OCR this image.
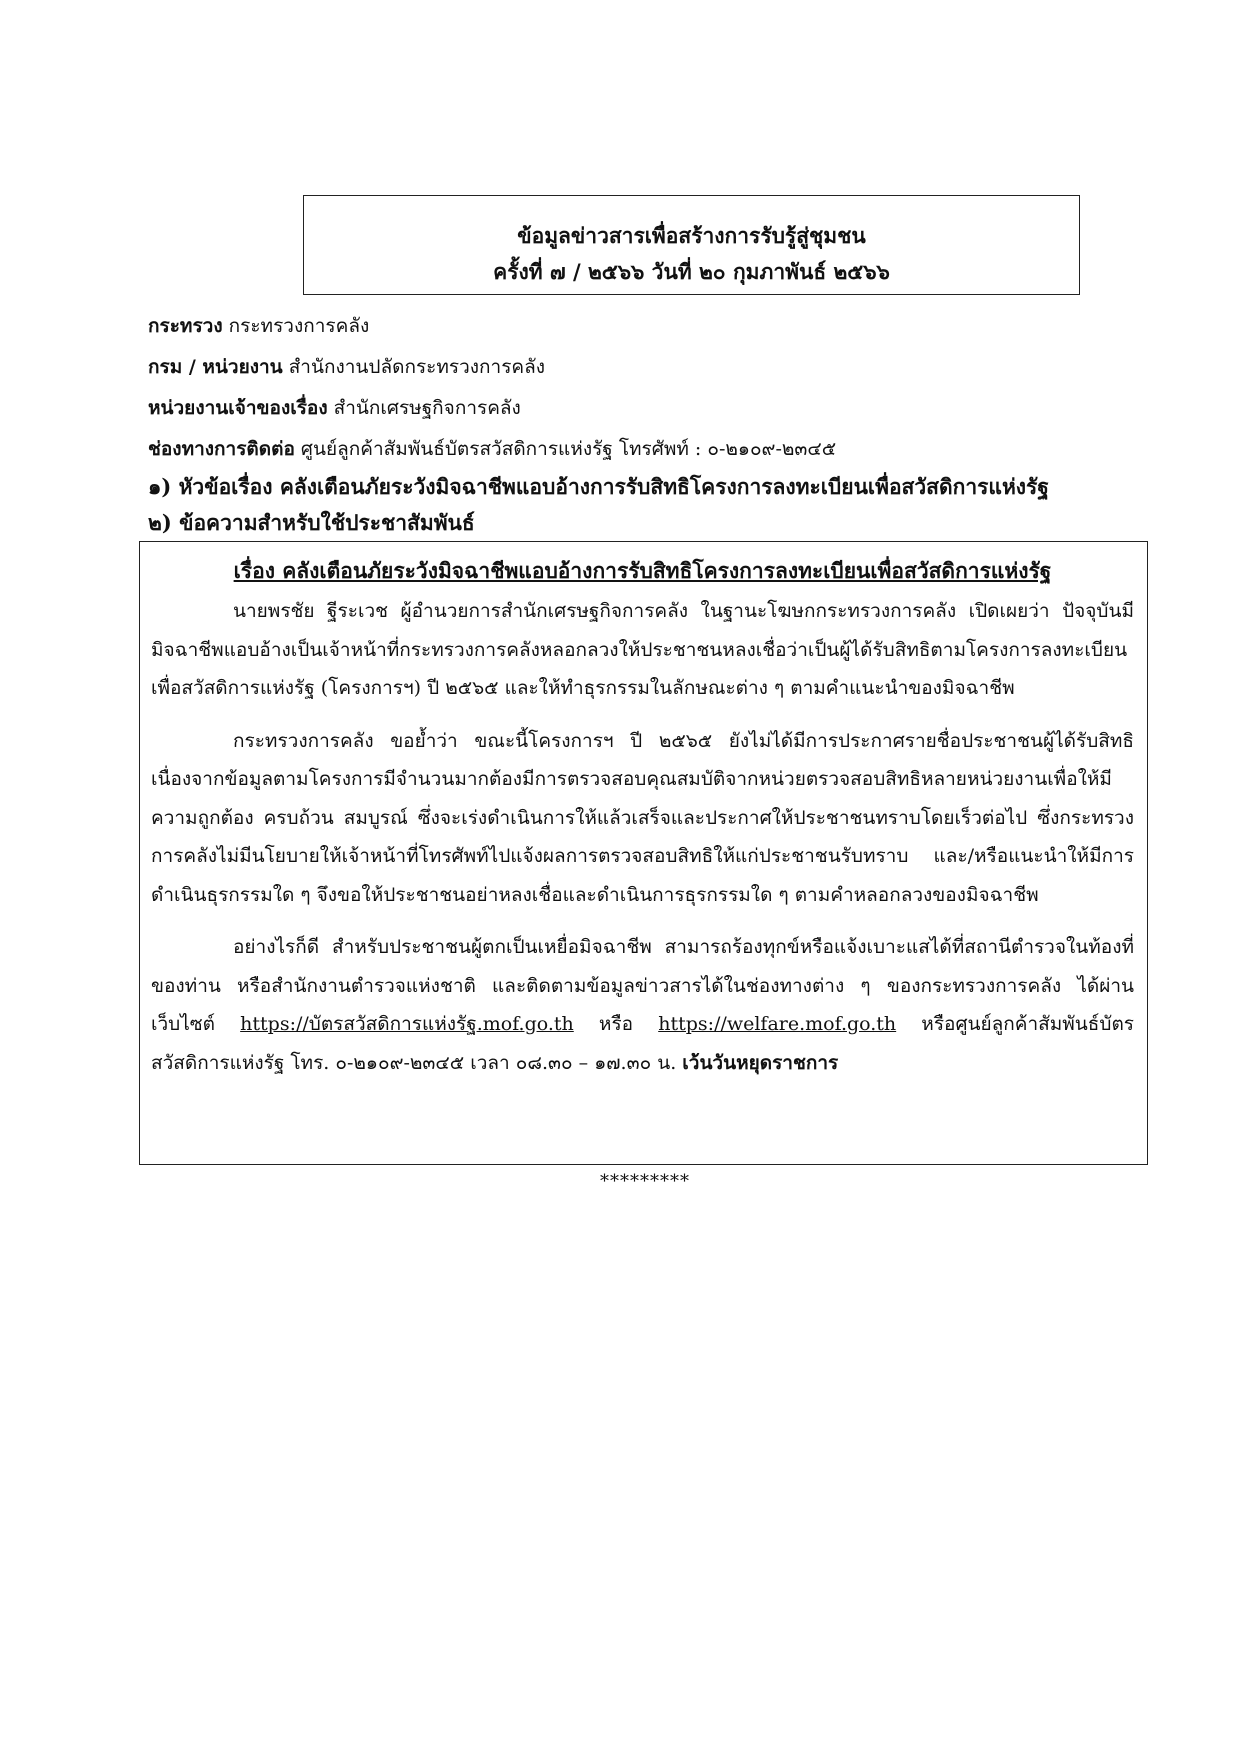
ข้อมูลข่าวสารเพื่อสร้างการรับรู้สู่ชุมชน
ครั้งที่ ๗ / ๒๕๖๖ วันที่ ๒๐ กุมภาพันธ์ ๒๕๖๖
กระทรวง กระทรวงการคลัง
กรม / หน่วยงาน สำนักงานปลัดกระทรวงการคลัง
หน่วยงานเจ้าของเรื่อง สำนักเศรษฐกิจการคลัง
ช่องทางการติดต่อ ศูนย์ลูกค้าสัมพันธ์บัตรสวัสดิการแห่งรัฐ โทรศัพท์ : ๐-๒๑๐๙-๒๓๔๕
๑) หัวข้อเรื่อง คลังเตือนภัยระวังมิจฉาชีพแอบอ้างการรับสิทธิโครงการลงทะเบียนเพื่อสวัสดิการแห่งรัฐ
๒) ข้อความสำหรับใช้ประชาสัมพันธ์
เรื่อง คลังเตือนภัยระวังมิจฉาชีพแอบอ้างการรับสิทธิโครงการลงทะเบียนเพื่อสวัสดิการแห่งรัฐ

นายพรชัย ฐีระเวช ผู้อำนวยการสำนักเศรษฐกิจการคลัง ในฐานะโฆษกกระทรวงการคลัง เปิดเผยว่า ปัจจุบันมีมิจฉาชีพแอบอ้างเป็นเจ้าหน้าที่กระทรวงการคลังหลอกลวงให้ประชาชนหลงเชื่อว่าเป็นผู้ได้รับสิทธิตามโครงการลงทะเบียนเพื่อสวัสดิการแห่งรัฐ (โครงการฯ) ปี ๒๕๖๕ และให้ทำธุรกรรมในลักษณะต่าง ๆ ตามคำแนะนำของมิจฉาชีพ

กระทรวงการคลัง ขอย้ำว่า ขณะนี้โครงการฯ ปี ๒๕๖๕ ยังไม่ได้มีการประกาศรายชื่อประชาชนผู้ได้รับสิทธิ เนื่องจากข้อมูลตามโครงการมีจำนวนมากต้องมีการตรวจสอบคุณสมบัติจากหน่วยตรวจสอบสิทธิหลายหน่วยงานเพื่อให้มีความถูกต้อง ครบถ้วน สมบูรณ์ ซึ่งจะเร่งดำเนินการให้แล้วเสร็จและประกาศให้ประชาชนทราบโดยเร็วต่อไป ซึ่งกระทรวงการคลังไม่มีนโยบายให้เจ้าหน้าที่โทรศัพท์ไปแจ้งผลการตรวจสอบสิทธิให้แก่ประชาชนรับทราบ และ/หรือแนะนำให้มีการดำเนินธุรกรรมใด ๆ จึงขอให้ประชาชนอย่าหลงเชื่อและดำเนินการธุรกรรมใด ๆ ตามคำหลอกลวงของมิจฉาชีพ

อย่างไรก็ดี สำหรับประชาชนผู้ตกเป็นเหยื่อมิจฉาชีพ สามารถร้องทุกข์หรือแจ้งเบาะแสได้ที่สถานีตำรวจในท้องที่ของท่าน หรือสำนักงานตำรวจแห่งชาติ และติดตามข้อมูลข่าวสารได้ในช่องทางต่าง ๆ ของกระทรวงการคลัง ได้ผ่านเว็บไซต์ https://บัตรสวัสดิการแห่งรัฐ.mof.go.th หรือ https://welfare.mof.go.th หรือศูนย์ลูกค้าสัมพันธ์บัตรสวัสดิการแห่งรัฐ โทร. ๐-๒๑๐๙-๒๓๔๕ เวลา ๐๘.๓๐ – ๑๗.๓๐ น. เว้นวันหยุดราชการ

*********
